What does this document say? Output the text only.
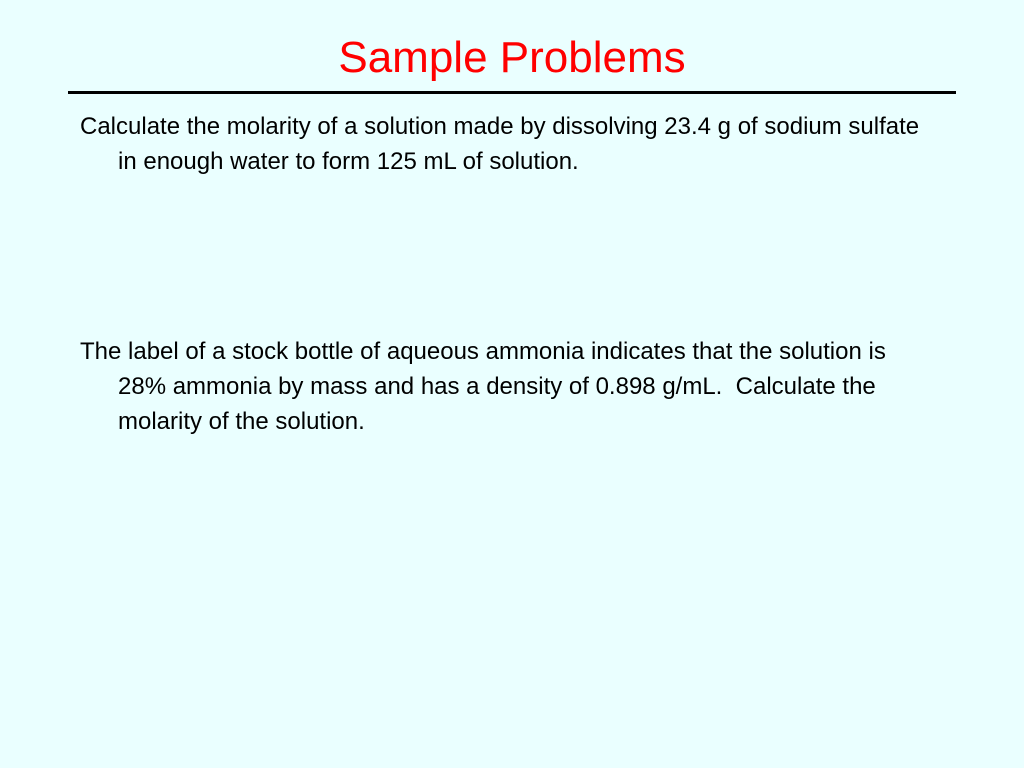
Sample Problems

Calculate the molarity of a solution made by dissolving 23.4 g of sodium sulfate in enough water to form 125 mL of solution.

The label of a stock bottle of aqueous ammonia indicates that the solution is 28% ammonia by mass and has a density of 0.898 g/mL.  Calculate the molarity of the solution.
